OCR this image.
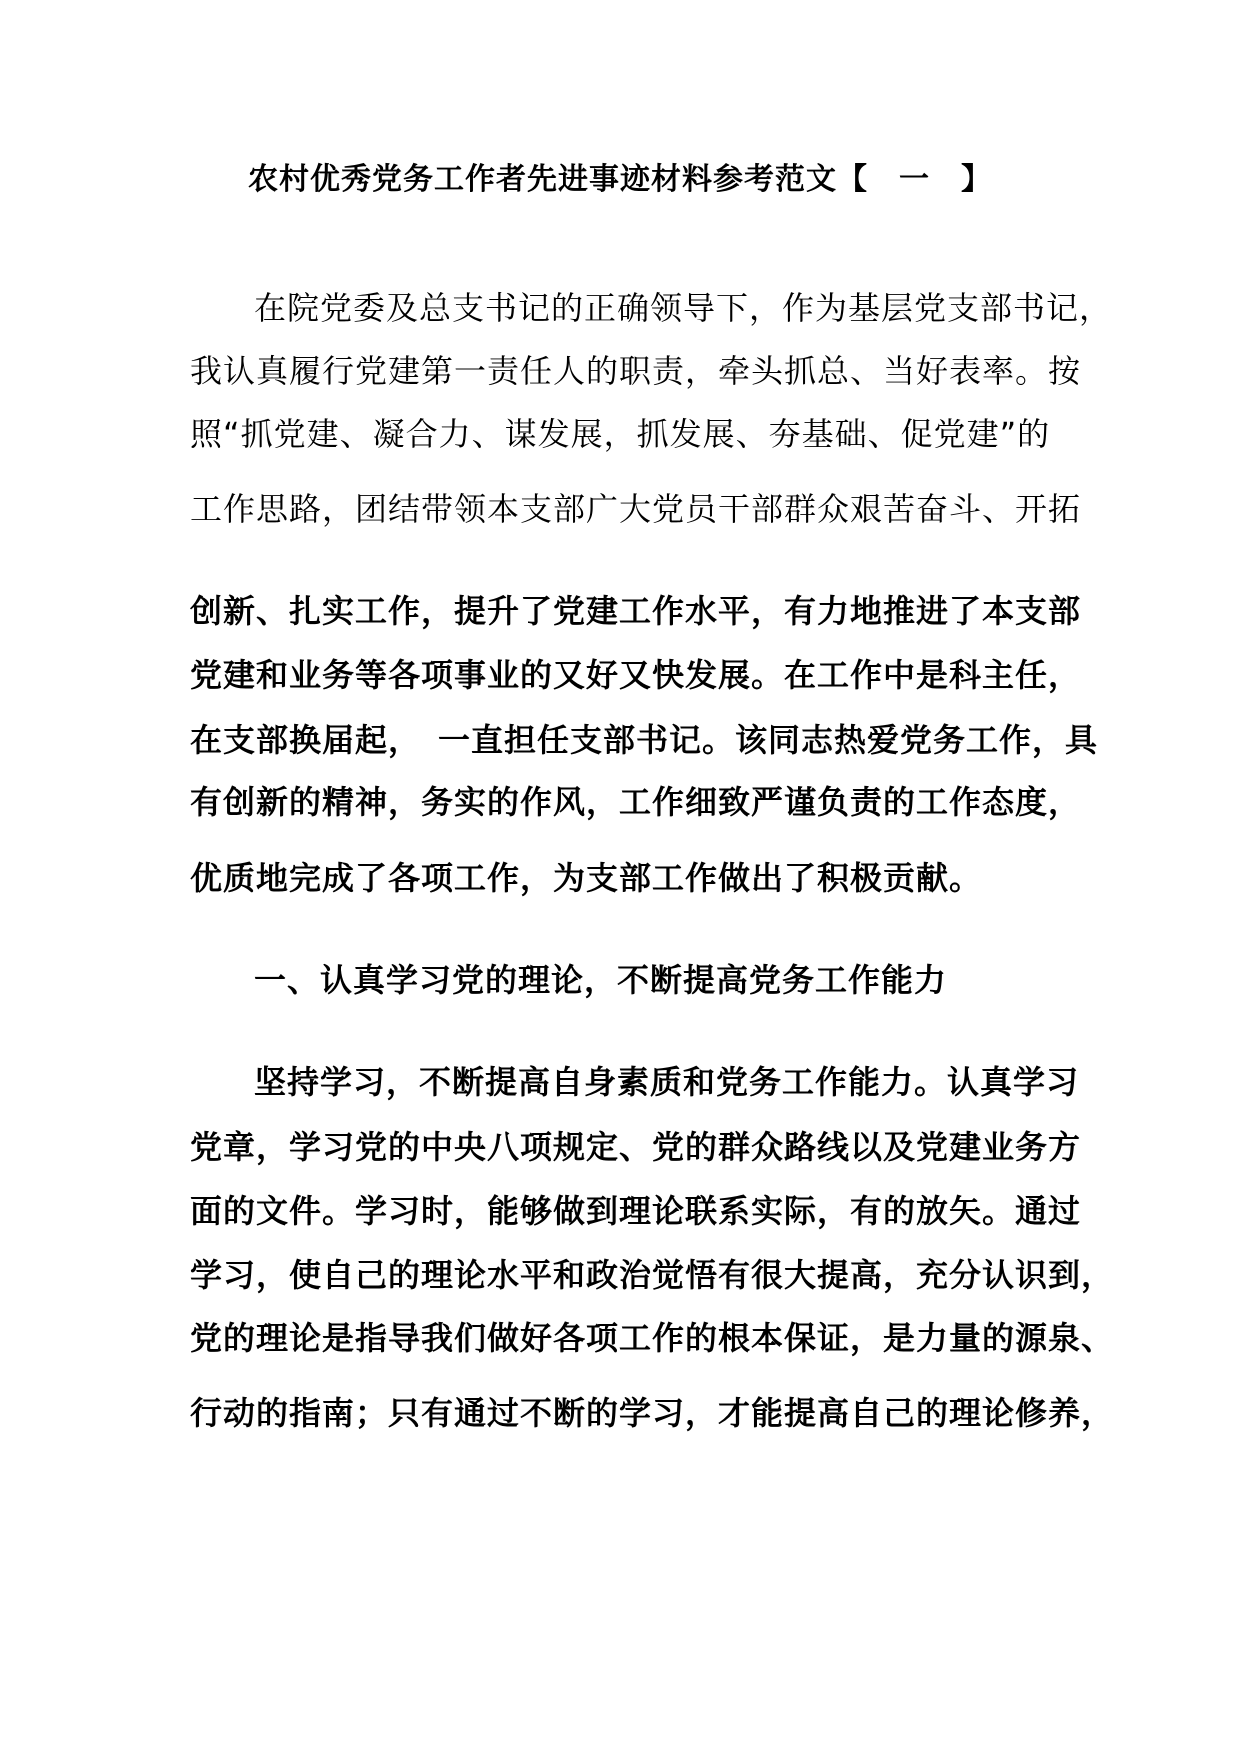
农村优秀党务工作者先进事迹材料参考范文【　一　】
在院党委及总支书记的正确领导下，作为基层党支部书记，
我认真履行党建第一责任人的职责，牵头抓总、当好表率。按
照“抓党建、凝合力、谋发展，抓发展、夯基础、促党建”的
工作思路，团结带领本支部广大党员干部群众艰苦奋斗、开拓
创新、扎实工作，提升了党建工作水平，有力地推进了本支部
党建和业务等各项事业的又好又快发展。在工作中是科主任，
在支部换届起，　一直担任支部书记。该同志热爱党务工作，具
有创新的精神，务实的作风，工作细致严谨负责的工作态度，
优质地完成了各项工作，为支部工作做出了积极贡献。
一、认真学习党的理论，不断提高党务工作能力
坚持学习，不断提高自身素质和党务工作能力。认真学习
党章，学习党的中央八项规定、党的群众路线以及党建业务方
面的文件。学习时，能够做到理论联系实际，有的放矢。通过
学习，使自己的理论水平和政治觉悟有很大提高，充分认识到，
党的理论是指导我们做好各项工作的根本保证，是力量的源泉、
行动的指南；只有通过不断的学习，才能提高自己的理论修养，
